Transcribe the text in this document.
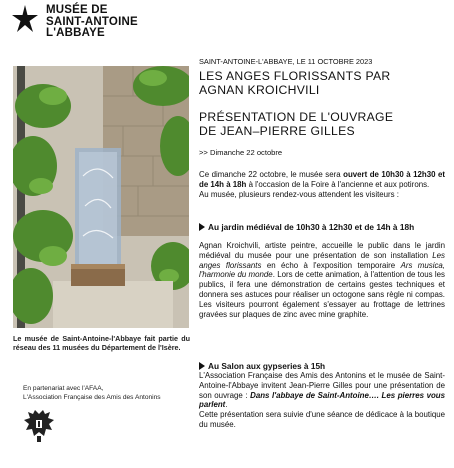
MUSÉE DE
SAINT-ANTOINE
L'ABBAYE
Le musée de Saint-Antoine-l'Abbaye fait partie du réseau des 11 musées du Département de l'Isère.
En partenariat avec l'AFAA,
L'Association Française des Amis des Antonins
SAINT-ANTOINE-L'ABBAYE, LE 11 OCTOBRE 2023
LES ANGES FLORISSANTS PAR
AGNAN KROICHVILI
PRÉSENTATION DE L'OUVRAGE
DE JEAN–PIERRE GILLES
>> Dimanche 22 octobre
Ce dimanche 22 octobre, le musée sera ouvert de 10h30 à 12h30 et de 14h à 18h à l'occasion de la Foire à l'ancienne et aux potirons.
Au musée, plusieurs rendez-vous attendent les visiteurs :
Au jardin médiéval de 10h30 à 12h30 et de 14h à 18h
Agnan Kroichvili, artiste peintre, accueille le public dans le jardin médiéval du musée pour une présentation de son installation Les anges florissants en écho à l'exposition temporaire Ars musica, l'harmonie du monde. Lors de cette animation, à l'attention de tous les publics, il fera une démonstration de certains gestes techniques et donnera ses astuces pour réaliser un octogone sans règle ni compas. Les visiteurs pourront également s'essayer au frottage de lettrines gravées sur plaques de zinc avec mine graphite.
Au Salon aux gypseries à 15h
L'Association Française des Amis des Antonins et le musée de Saint-Antoine-l'Abbaye invitent Jean-Pierre Gilles pour une présentation de son ouvrage : Dans l'abbaye de Saint-Antoine…. Les pierres vous parlent.
Cette présentation sera suivie d'une séance de dédicace à la boutique du musée.
